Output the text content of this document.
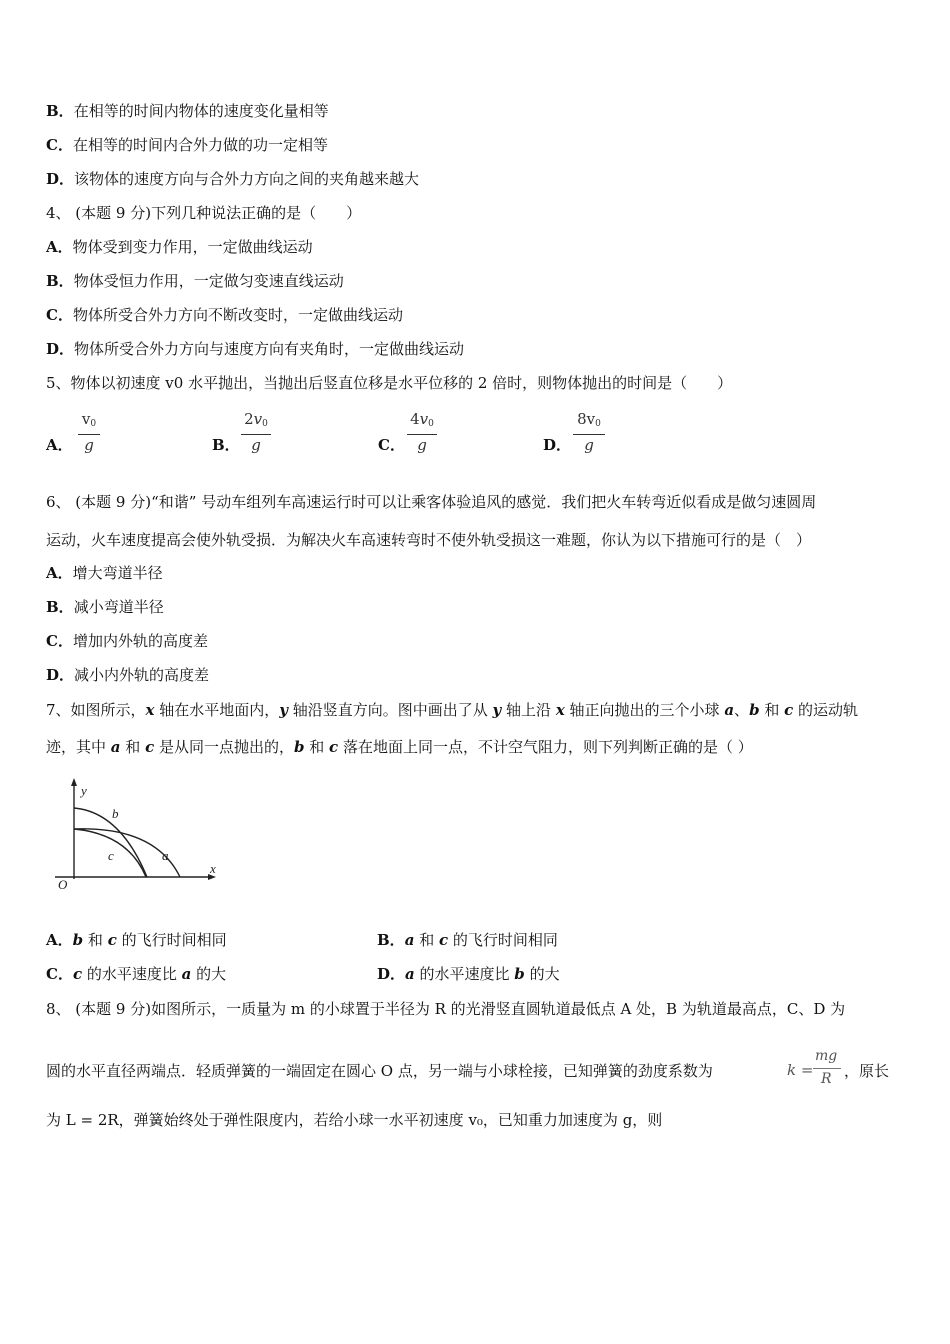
B．在相等的时间内物体的速度变化量相等
C．在相等的时间内合外力做的功一定相等
D．该物体的速度方向与合外力方向之间的夹角越来越大
4、 (本题 9 分)下列几种说法正确的是（　　）
A．物体受到变力作用，一定做曲线运动
B．物体受恒力作用，一定做匀变速直线运动
C．物体所受合外力方向不断改变时，一定做曲线运动
D．物体所受合外力方向与速度方向有夹角时，一定做曲线运动
5、物体以初速度 v0 水平抛出，当抛出后竖直位移是水平位移的 2 倍时，则物体抛出的时间是（　　）
A．
$v_0$
g	B．
$2v_0$
g	C．
$4v_0$
g	D．
$8v_0$
g
6、 (本题 9 分)“和谐” 号动车组列车高速运行时可以让乘客体验追风的感觉．我们把火车转弯近似看成是做匀速圆周
运动，火车速度提高会使外轨受损．为解决火车高速转弯时不使外轨受损这一难题，你认为以下措施可行的是（　）
A．增大弯道半径
B．减小弯道半径
C．增加内外轨的高度差
D．减小内外轨的高度差
7、如图所示，x 轴在水平地面内，y 轴沿竖直方向。图中画出了从 y 轴上沿 x 轴正向抛出的三个小球 a、b 和 c 的运动轨
迹，其中 a 和 c 是从同一点抛出的，b 和 c 落在地面上同一点，不计空气阻力，则下列判断正确的是（ ）
y
x
O
b
c	a
A．b 和 c 的飞行时间相同	B．a 和 c 的飞行时间相同
C．c 的水平速度比 a 的大	D．a 的水平速度比 b 的大
8、 (本题 9 分)如图所示，一质量为 m 的小球置于半径为 R 的光滑竖直圆轨道最低点 A 处，B 为轨道最高点，C、D 为
圆的水平直径两端点．轻质弹簧的一端固定在圆心 O 点，另一端与小球栓接，已知弹簧的劲度系数为	k =
mg
R ，原长
为 L = 2R，弹簧始终处于弹性限度内，若给小球一水平初速度 v₀，已知重力加速度为 g，则
